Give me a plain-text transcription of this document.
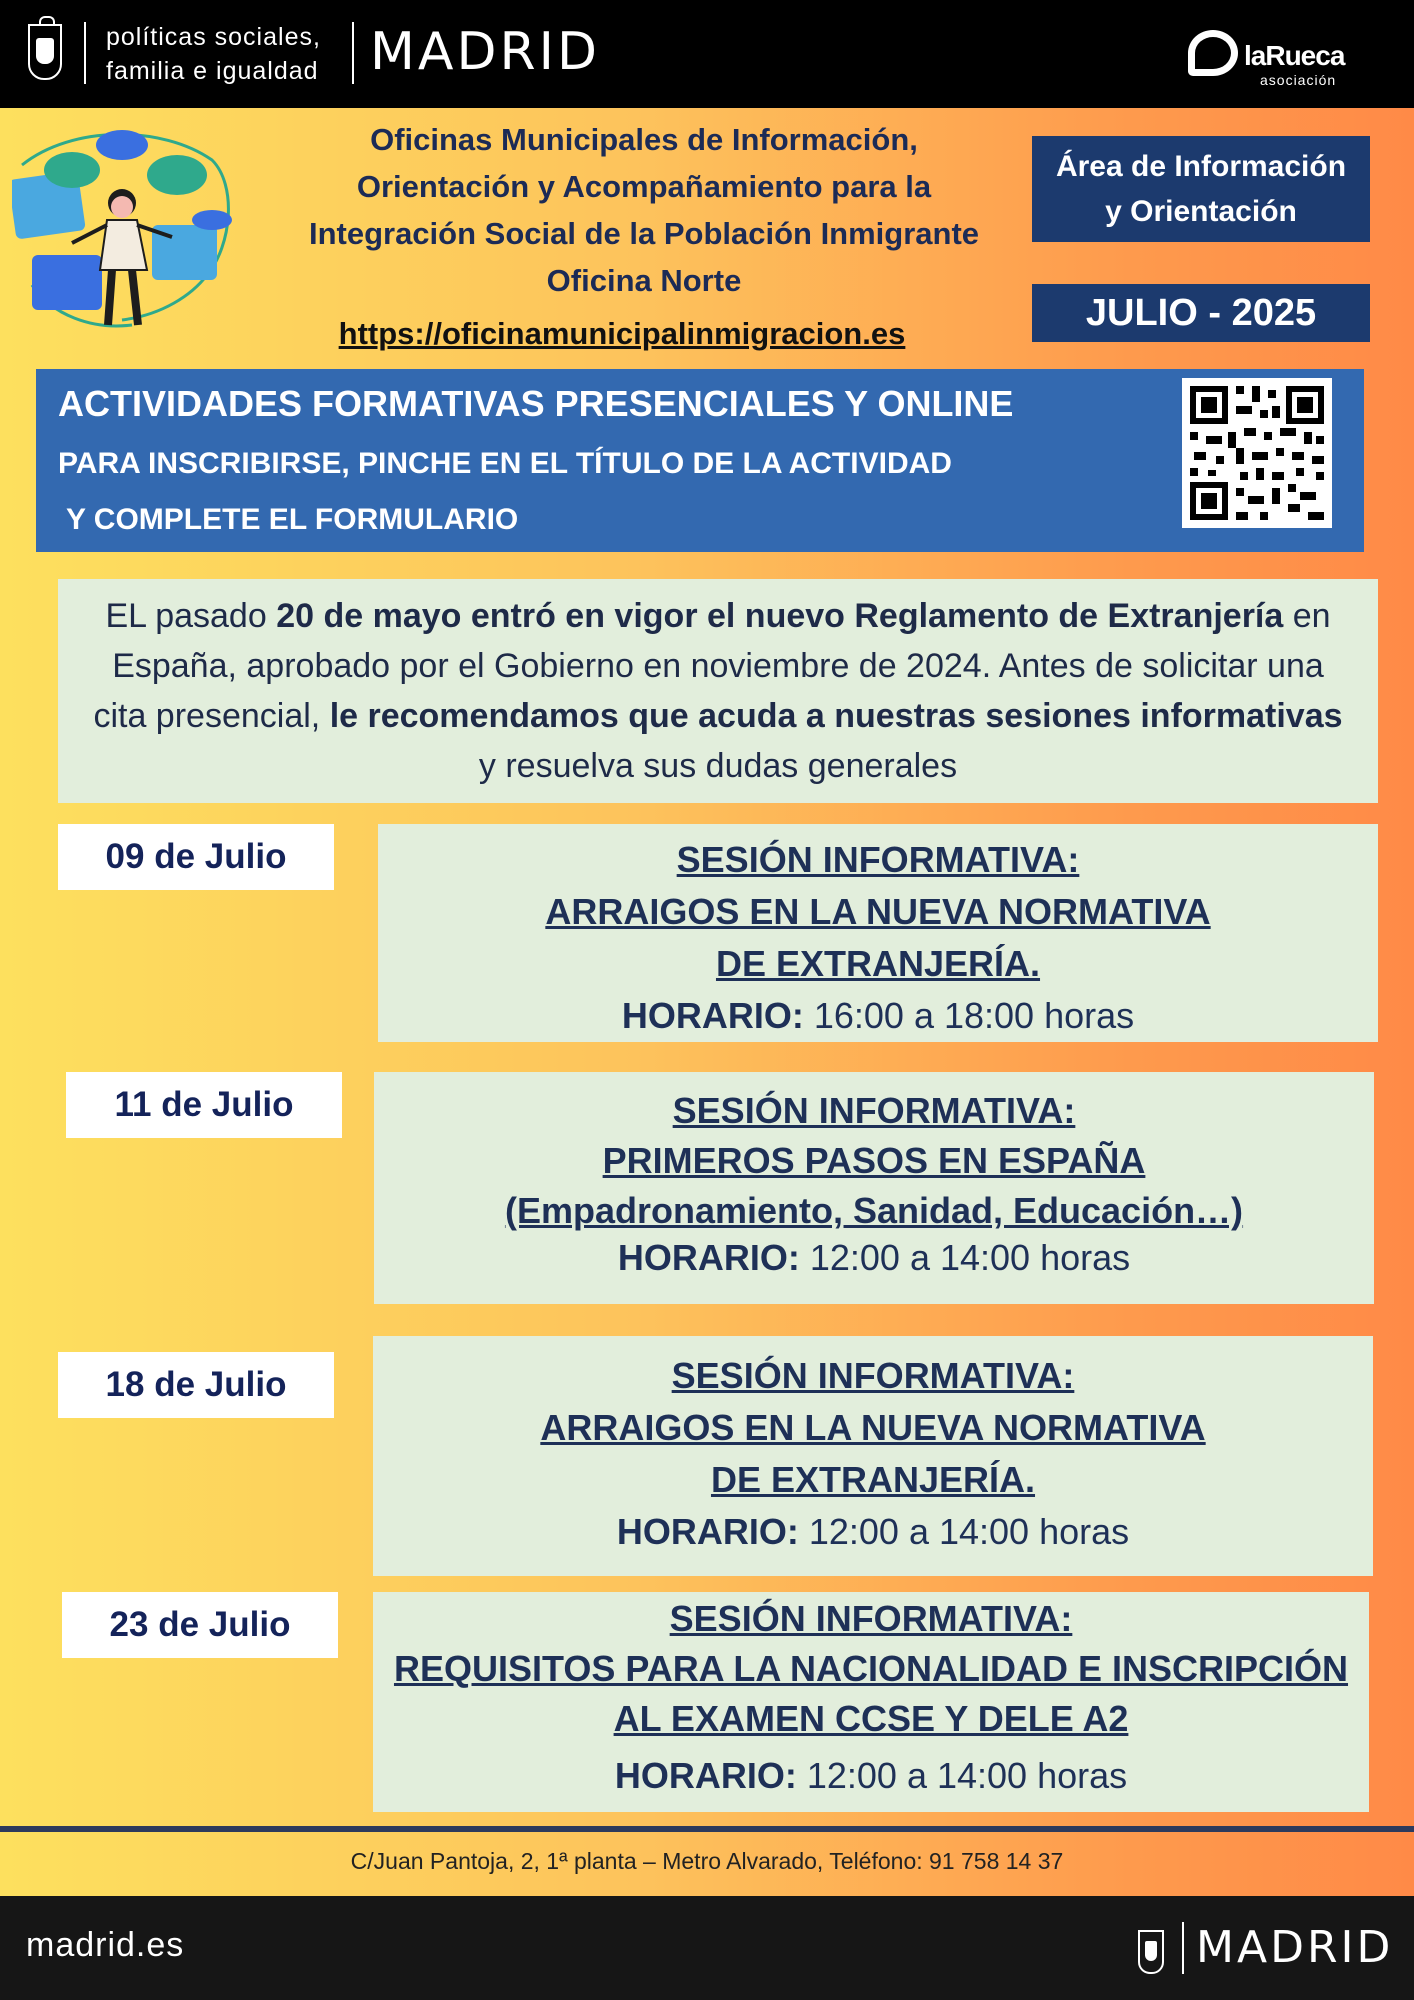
políticas sociales,
familia e igualdad MADRID	laRueca
asociación
Oficinas Municipales de Información,
Orientación y Acompañamiento para la
Integración Social de la Población Inmigrante
Oficina Norte
https://oficinamunicipalinmigracion.es
Área de Información
y Orientación
JULIO - 2025
ACTIVIDADES FORMATIVAS PRESENCIALES Y ONLINE
PARA INSCRIBIRSE, PINCHE EN EL TÍTULO DE LA ACTIVIDAD
Y COMPLETE EL FORMULARIO
EL pasado 20 de mayo entró en vigor el nuevo Reglamento de Extranjería en España, aprobado por el Gobierno en noviembre de 2024. Antes de solicitar una cita presencial, le recomendamos que acuda a nuestras sesiones informativas y resuelva sus dudas generales
09 de Julio	SESIÓN INFORMATIVA:
ARRAIGOS EN LA NUEVA NORMATIVA
DE EXTRANJERÍA.
HORARIO: 16:00 a 18:00 horas
11 de Julio	SESIÓN INFORMATIVA:
PRIMEROS PASOS EN ESPAÑA
(Empadronamiento, Sanidad, Educación…)
HORARIO: 12:00 a 14:00 horas
18 de Julio	SESIÓN INFORMATIVA:
ARRAIGOS EN LA NUEVA NORMATIVA
DE EXTRANJERÍA.
HORARIO: 12:00 a 14:00 horas
23 de Julio	SESIÓN INFORMATIVA:
REQUISITOS PARA LA NACIONALIDAD E INSCRIPCIÓN
AL EXAMEN CCSE Y DELE A2
HORARIO: 12:00 a 14:00 horas
C/Juan Pantoja, 2, 1ª planta – Metro Alvarado, Teléfono: 91 758 14 37
madrid.es	MADRID
